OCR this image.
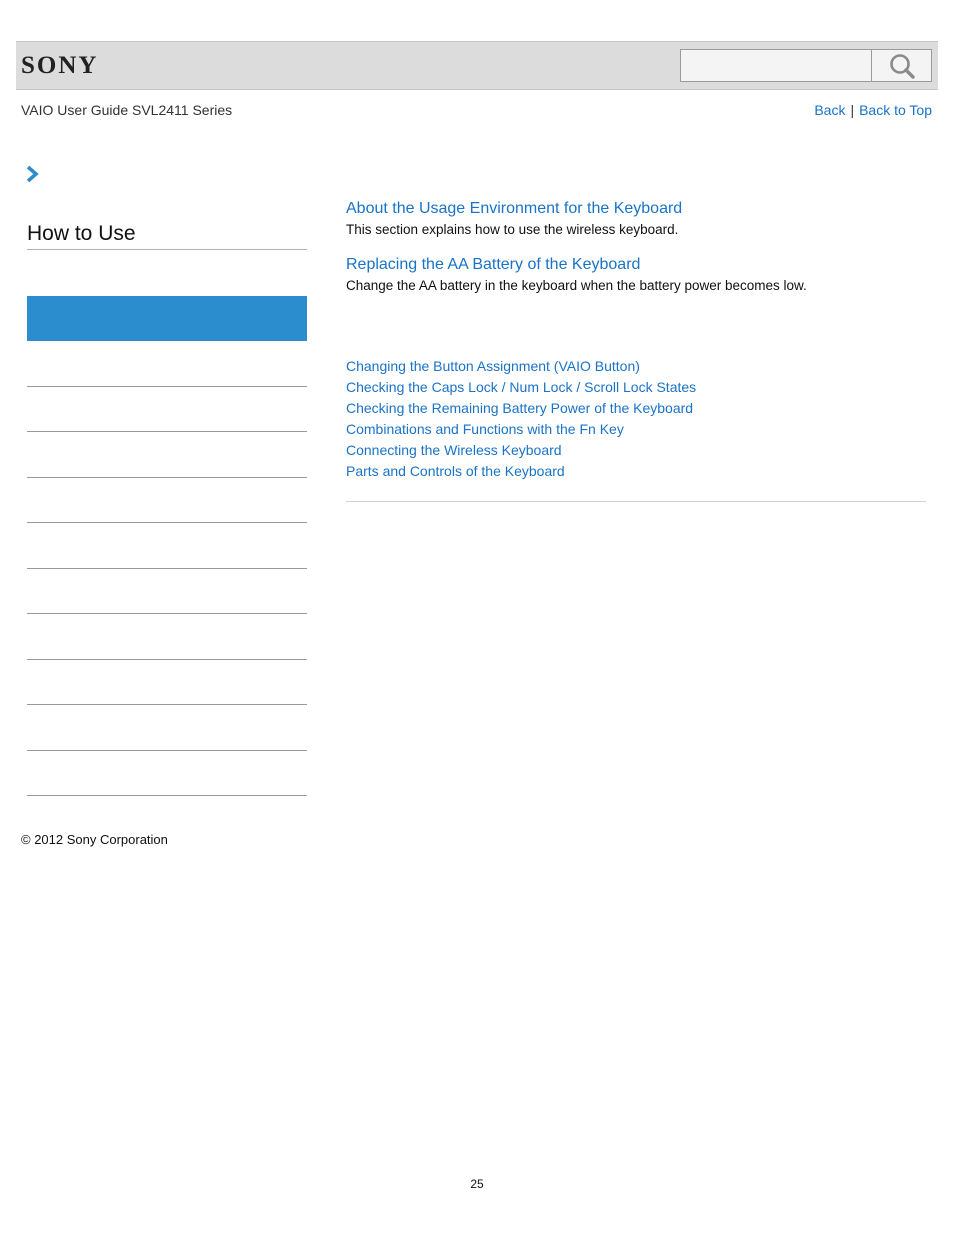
SONY
VAIO User Guide SVL2411 Series	Back | Back to Top
How to Use
About the Usage Environment for the Keyboard
This section explains how to use the wireless keyboard.
Replacing the AA Battery of the Keyboard
Change the AA battery in the keyboard when the battery power becomes low.
Changing the Button Assignment (VAIO Button)
Checking the Caps Lock / Num Lock / Scroll Lock States
Checking the Remaining Battery Power of the Keyboard
Combinations and Functions with the Fn Key
Connecting the Wireless Keyboard
Parts and Controls of the Keyboard
© 2012 Sony Corporation
25
